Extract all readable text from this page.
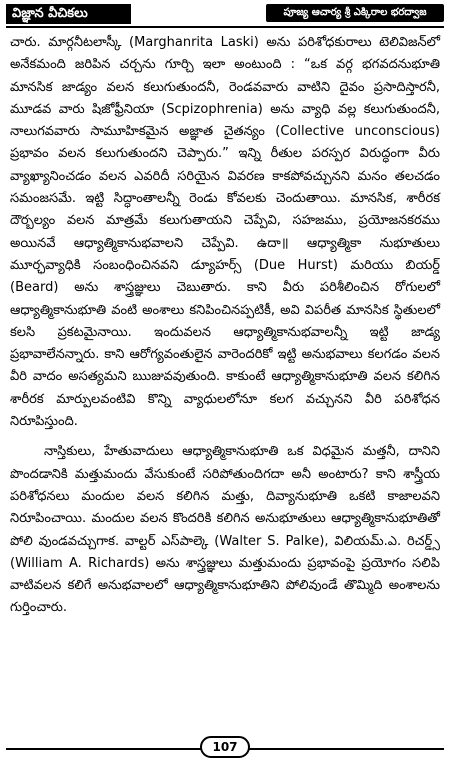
విజ్ఞాన వీచికలు	పూజ్య ఆచార్య శ్రీ ఎక్కిరాల భరద్వాజ

చారు. మార్గనీటలాస్కీ (Marghanrita Laski) అను పరిశోధకురాలు టెలివిజన్‌లో అనేకమంది జరిపిన చర్చను గూర్చి ఇలా అంటుంది : “ఒక వర్గ భగవదనుభూతి మానసిక జాడ్యం వలన కలుగుతుందనీ, రెండవవారు వాటిని దైవం ప్రసాదిస్తారనీ, మూడవ వారు షిజోఫ్రీనియా (Scpizophrenia) అను వ్యాధి వల్ల కలుగుతుందనీ, నాలుగవవారు సామూహికమైన అజ్ఞాత చైతన్యం (Collective unconscious) ప్రభావం వలన కలుగుతుందని చెప్పారు.” ఇన్ని రీతుల పరస్పర విరుద్ధంగా వీరు వ్యాఖ్యానించడం వలన ఎవరిదీ సరియైన వివరణ కాకపోవచ్చునని మనం తలచడం సమంజసమే. ఇట్టి సిద్ధాంతాలన్నీ రెండు కోవలకు చెందుతాయి. మానసిక, శారీరక దౌర్బల్యం వలన మాత్రమే కలుగుతాయని చెప్పేవి, సహజము, ప్రయోజనకరము అయినవే ఆధ్యాత్మికానుభవాలని చెప్పేవి. ఉదా॥ ఆధ్యాత్మికా నుభూతులు మూర్ఛవ్యాధికి సంబంధించినవని డ్యూహర్స్ (Due Hurst) మరియు బియర్డ్ (Beard) అను శాస్త్రజ్ఞులు చెబుతారు. కాని వీరు పరిశీలించిన రోగులలో ఆధ్యాత్మికానుభూతి వంటి అంశాలు కనిపించినప్పటికీ, అవి విపరీత మానసిక స్థితులలో కలసి ప్రకటమైనాయి. ఇందువలన ఆధ్యాత్మికానుభవాలన్నీ ఇట్టి జాడ్య ప్రభావాలేనన్నారు. కాని ఆరోగ్యవంతులైన వారెందరికో ఇట్టి అనుభవాలు కలగడం వలన వీరి వాదం అసత్యమని ఋజువవుతుంది. కాకుంటే ఆధ్యాత్మికానుభూతి వలన కలిగిన శారీరక మార్పులవంటివి కొన్ని వ్యాధులలోనూ కలగ వచ్చునని వీరి పరిశోధన నిరూపిస్తుంది.

నాస్తికులు, హేతువాదులు ఆధ్యాత్మికానుభూతి ఒక విధమైన మత్తనీ, దానిని పొందడానికి మత్తుమందు వేసుకుంటే సరిపోతుందిగదా అనీ అంటారు? కాని శాస్త్రీయ పరిశోధనలు మందుల వలన కలిగిన మత్తు, దివ్యానుభూతి ఒకటి కాజాలవని నిరూపించాయి. మందుల వలన కొందరికి కలిగిన అనుభూతులు ఆధ్యాత్మికానుభూతితో పోలి వుండవచ్చుగాక. వాల్టర్ ఎస్‌పాల్కె (Walter S. Palke), విలియమ్.ఎ. రిచర్డ్స్ (William A. Richards) అను శాస్త్రజ్ఞులు మత్తుమందు ప్రభావంపై ప్రయోగం సలిపి వాటివలన కలిగే అనుభవాలలో ఆధ్యాత్మికానుభూతిని పోలివుండే తొమ్మిది అంశాలను గుర్తించారు.

107
